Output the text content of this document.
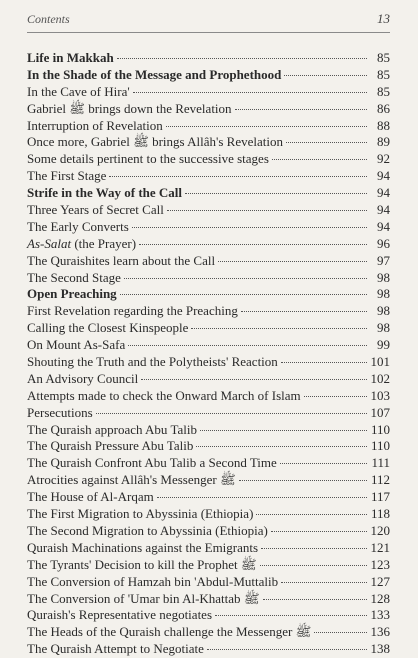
Contents	13
Life in Makkah	85
In the Shade of the Message and Prophethood	85
In the Cave of Hira'	85
Gabriel ﷺ brings down the Revelation	86
Interruption of Revelation	88
Once more, Gabriel ﷺ brings Allâh's Revelation	89
Some details pertinent to the successive stages	92
The First Stage	94
Strife in the Way of the Call	94
Three Years of Secret Call	94
The Early Converts	94
As-Salat (the Prayer)	96
The Quraishites learn about the Call	97
The Second Stage	98
Open Preaching	98
First Revelation regarding the Preaching	98
Calling the Closest Kinspeople	98
On Mount As-Safa	99
Shouting the Truth and the Polytheists' Reaction	101
An Advisory Council	102
Attempts made to check the Onward March of Islam	103
Persecutions	107
The Quraish approach Abu Talib	110
The Quraish Pressure Abu Talib	110
The Quraish Confront Abu Talib a Second Time	111
Atrocities against Allâh's Messenger ﷺ	112
The House of Al-Arqam	117
The First Migration to Abyssinia (Ethiopia)	118
The Second Migration to Abyssinia (Ethiopia)	120
Quraish Machinations against the Emigrants	121
The Tyrants' Decision to kill the Prophet ﷺ	123
The Conversion of Hamzah bin 'Abdul-Muttalib	127
The Conversion of 'Umar bin Al-Khattab ﷺ	128
Quraish's Representative negotiates	133
The Heads of the Quraish challenge the Messenger ﷺ	136
The Quraish Attempt to Negotiate	138
